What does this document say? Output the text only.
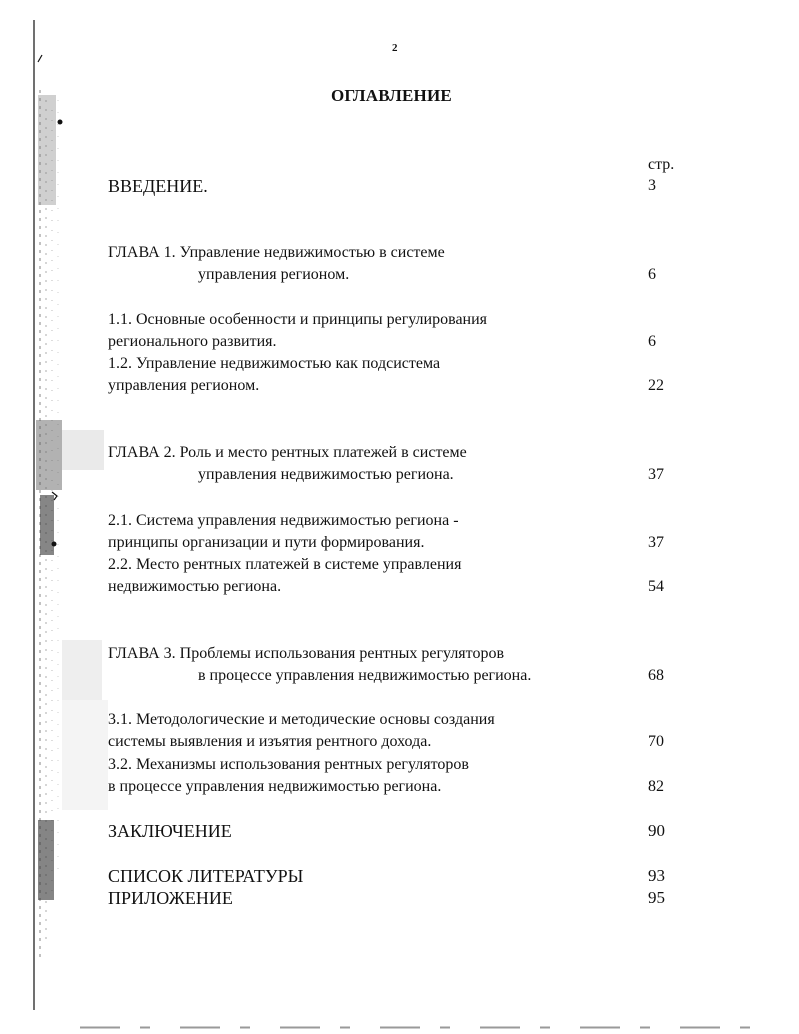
2
ОГЛАВЛЕНИЕ
стр.
ВВЕДЕНИЕ.	3
ГЛАВА 1. Управление недвижимостью в системе
управления регионом.	6
1.1. Основные особенности и принципы регулирования
регионального развития.	6
1.2. Управление недвижимостью как подсистема
управления регионом.	22
ГЛАВА 2. Роль и место рентных платежей в системе
управления недвижимостью региона.	37
2.1. Система управления недвижимостью региона -
принципы организации и пути формирования.	37
2.2. Место рентных платежей в системе управления
недвижимостью региона.	54
ГЛАВА 3. Проблемы использования рентных регуляторов
в процессе управления недвижимостью региона.	68
3.1. Методологические и методические основы создания
системы выявления и изъятия рентного дохода.	70
3.2. Механизмы использования рентных регуляторов
в процессе управления недвижимостью региона.	82
ЗАКЛЮЧЕНИЕ	90
СПИСОК ЛИТЕРАТУРЫ	93
ПРИЛОЖЕНИЕ	95
